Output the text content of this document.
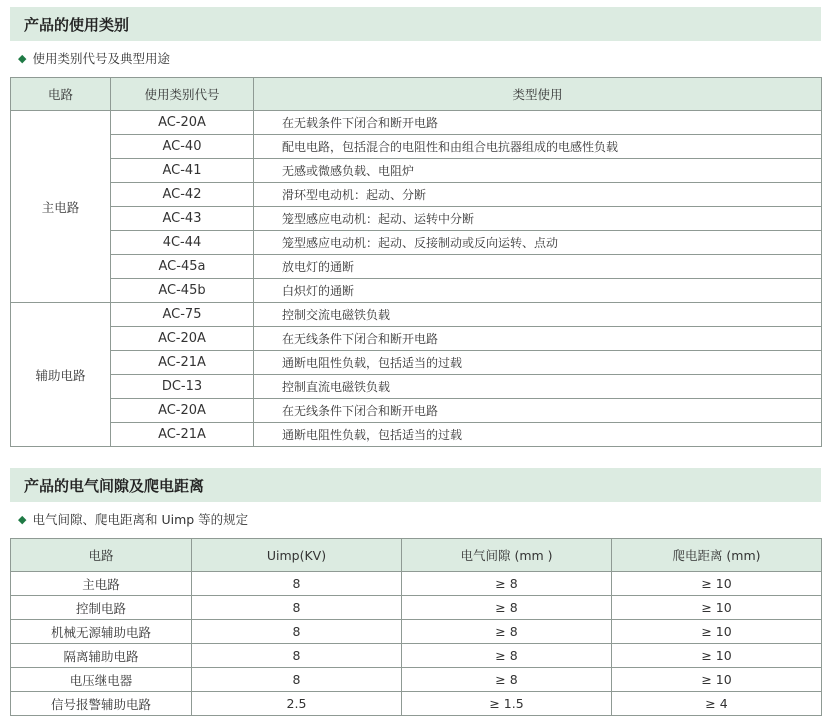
产品的使用类别
◆ 使用类别代号及典型用途
电路	使用类别代号	类型使用
主电路	AC-20A	在无载条件下闭合和断开电路
	AC-40	配电电路，包括混合的电阻性和由组合电抗器组成的电感性负载
	AC-41	无感或微感负载、电阻炉
	AC-42	滑环型电动机：起动、分断
	AC-43	笼型感应电动机：起动、运转中分断
	4C-44	笼型感应电动机：起动、反接制动或反向运转、点动
	AC-45a	放电灯的通断
	AC-45b	白炽灯的通断
辅助电路	AC-75	控制交流电磁铁负载
	AC-20A	在无线条件下闭合和断开电路
	AC-21A	通断电阻性负载，包括适当的过载
	DC-13	控制直流电磁铁负载
	AC-20A	在无线条件下闭合和断开电路
	AC-21A	通断电阻性负载，包括适当的过载
产品的电气间隙及爬电距离
◆ 电气间隙、爬电距离和 Uimp 等的规定
电路	Uimp(KV)	电气间隙 (mm )	爬电距离 (mm)
主电路	8	≥ 8	≥ 10
控制电路	8	≥ 8	≥ 10
机械无源辅助电路	8	≥ 8	≥ 10
隔离辅助电路	8	≥ 8	≥ 10
电压继电器	8	≥ 8	≥ 10
信号报警辅助电路	2.5	≥ 1.5	≥ 4
